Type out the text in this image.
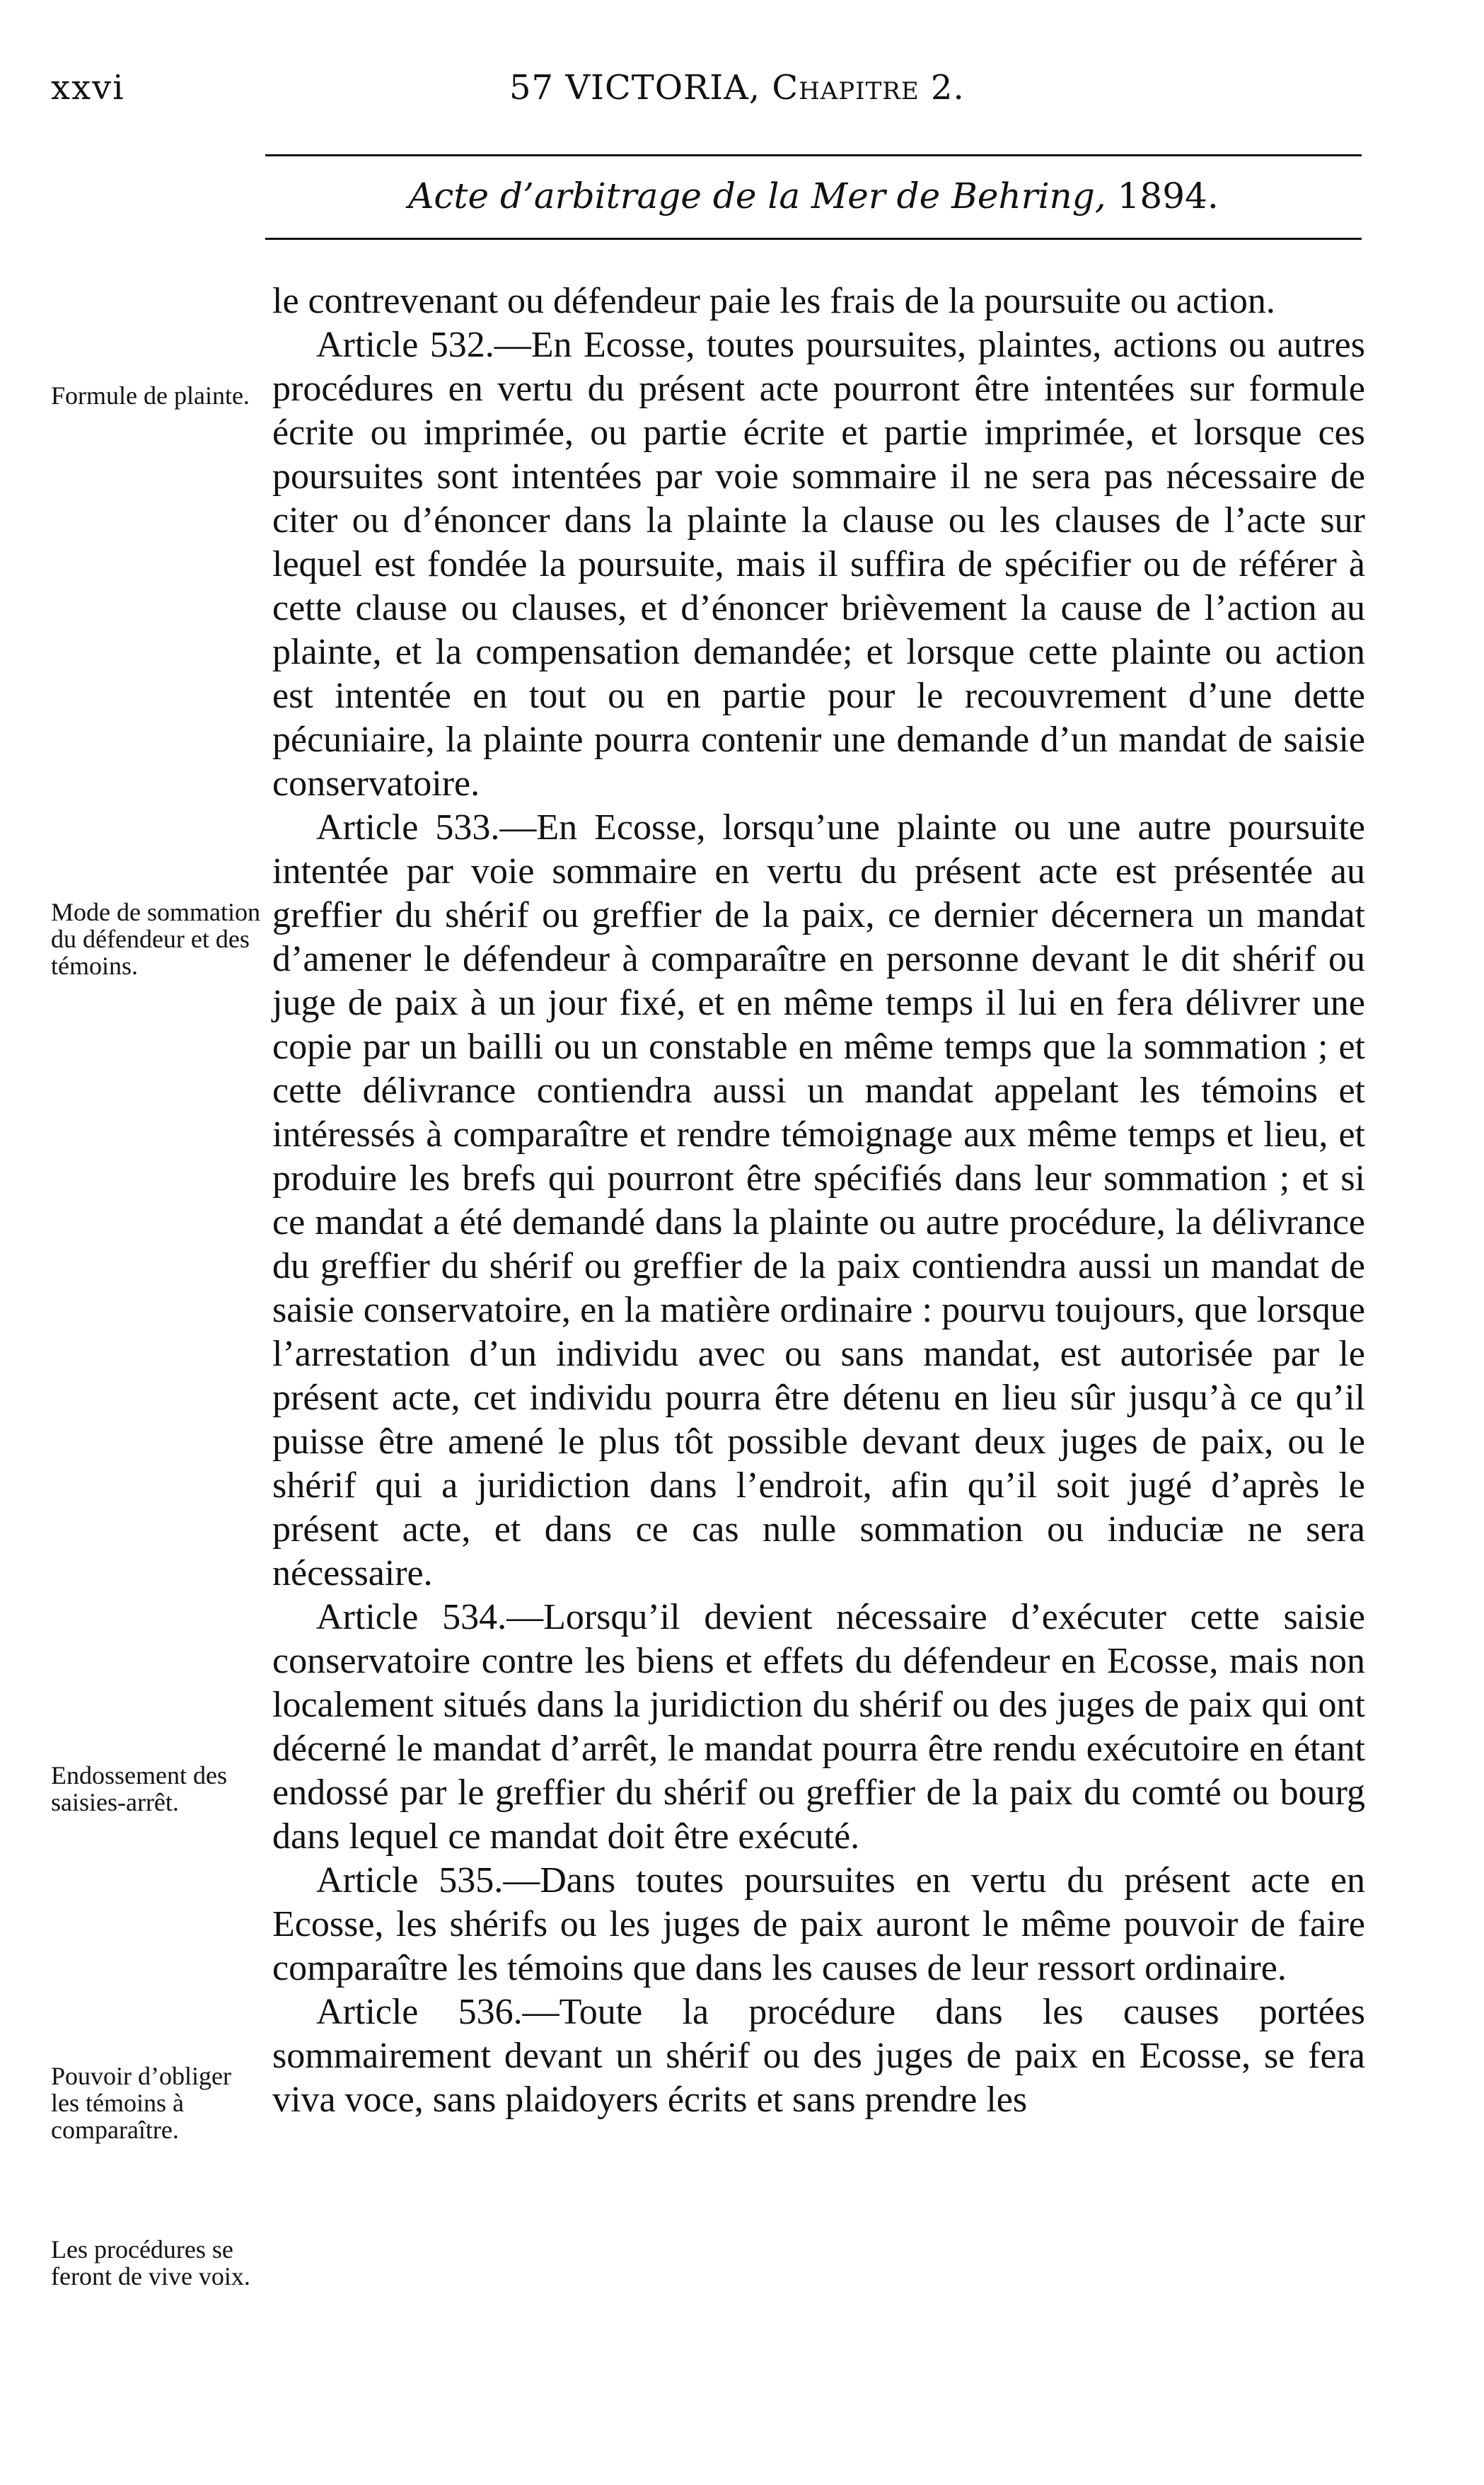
xxvi	57 VICTORIA, Chapitre 2.
Acte d’arbitrage de la Mer de Behring, 1894.
Formule de plainte.
Mode de sommation du défendeur et des témoins.
Endossement des saisies-arrêt.
Pouvoir d’obliger les témoins à comparaître.
Les procédures se feront de vive voix.

le contrevenant ou défendeur paie les frais de la poursuite ou action.

Article 532.—En Ecosse, toutes poursuites, plaintes, actions ou autres procédures en vertu du présent acte pourront être intentées sur formule écrite ou imprimée, ou partie écrite et partie imprimée, et lorsque ces poursuites sont intentées par voie sommaire il ne sera pas nécessaire de citer ou d’énoncer dans la plainte la clause ou les clauses de l’acte sur lequel est fondée la poursuite, mais il suffira de spécifier ou de référer à cette clause ou clauses, et d’énoncer brièvement la cause de l’action au plainte, et la compensation demandée; et lorsque cette plainte ou action est intentée en tout ou en partie pour le recouvrement d’une dette pécuniaire, la plainte pourra contenir une demande d’un mandat de saisie conservatoire.

Article 533.—En Ecosse, lorsqu’une plainte ou une autre poursuite intentée par voie sommaire en vertu du présent acte est présentée au greffier du shérif ou greffier de la paix, ce dernier décernera un mandat d’amener le défendeur à comparaître en personne devant le dit shérif ou juge de paix à un jour fixé, et en même temps il lui en fera délivrer une copie par un bailli ou un constable en même temps que la sommation ; et cette délivrance contiendra aussi un mandat appelant les témoins et intéressés à comparaître et rendre témoignage aux même temps et lieu, et produire les brefs qui pourront être spécifiés dans leur sommation ; et si ce mandat a été demandé dans la plainte ou autre procédure, la délivrance du greffier du shérif ou greffier de la paix contiendra aussi un mandat de saisie conservatoire, en la matière ordinaire : pourvu toujours, que lorsque l’arrestation d’un individu avec ou sans mandat, est autorisée par le présent acte, cet individu pourra être détenu en lieu sûr jusqu’à ce qu’il puisse être amené le plus tôt possible devant deux juges de paix, ou le shérif qui a juridiction dans l’endroit, afin qu’il soit jugé d’après le présent acte, et dans ce cas nulle sommation ou induciæ ne sera nécessaire.

Article 534.—Lorsqu’il devient nécessaire d’exécuter cette saisie conservatoire contre les biens et effets du défendeur en Ecosse, mais non localement situés dans la juridiction du shérif ou des juges de paix qui ont décerné le mandat d’arrêt, le mandat pourra être rendu exécutoire en étant endossé par le greffier du shérif ou greffier de la paix du comté ou bourg dans lequel ce mandat doit être exécuté.

Article 535.—Dans toutes poursuites en vertu du présent acte en Ecosse, les shérifs ou les juges de paix auront le même pouvoir de faire comparaître les témoins que dans les causes de leur ressort ordinaire.

Article 536.—Toute la procédure dans les causes portées sommairement devant un shérif ou des juges de paix en Ecosse, se fera viva voce, sans plaidoyers écrits et sans prendre les
